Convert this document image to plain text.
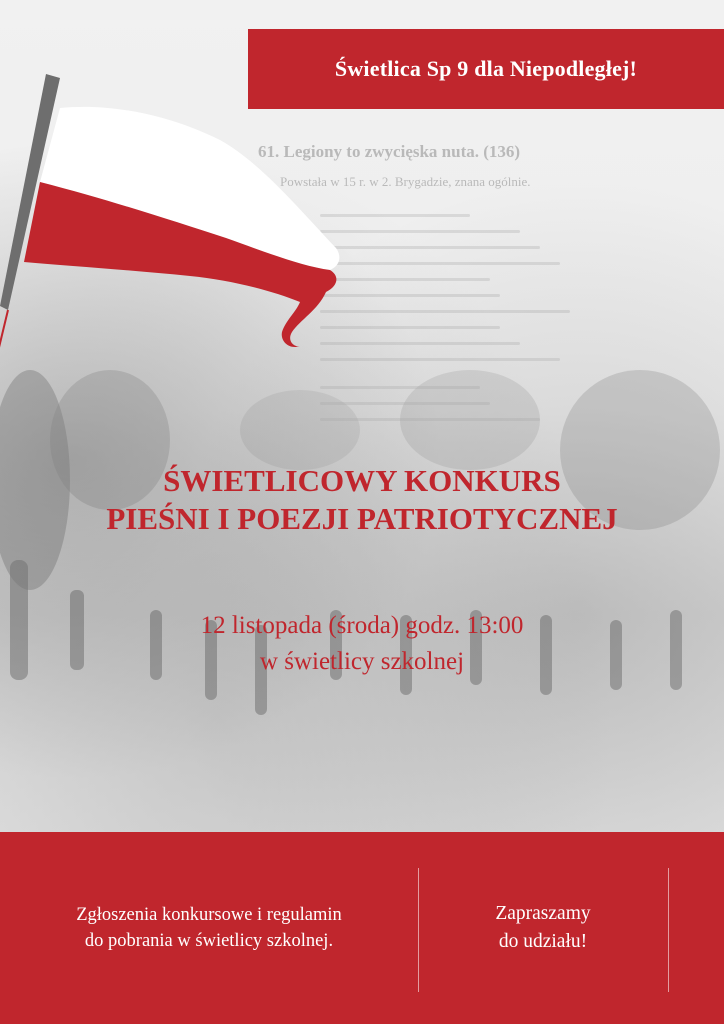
61. Legiony to zwycięska nuta. (136)
Powstała w 15 r. w 2. Brygadzie, znana ogólnie.
Świetlica Sp 9 dla Niepodległej!
ŚWIETLICOWY KONKURS
PIEŚNI I POEZJI PATRIOTYCZNEJ
12 listopada (środa) godz. 13:00
w świetlicy szkolnej
Zgłoszenia konkursowe i regulamin
do pobrania w świetlicy szkolnej.
Zapraszamy
do udziału!
